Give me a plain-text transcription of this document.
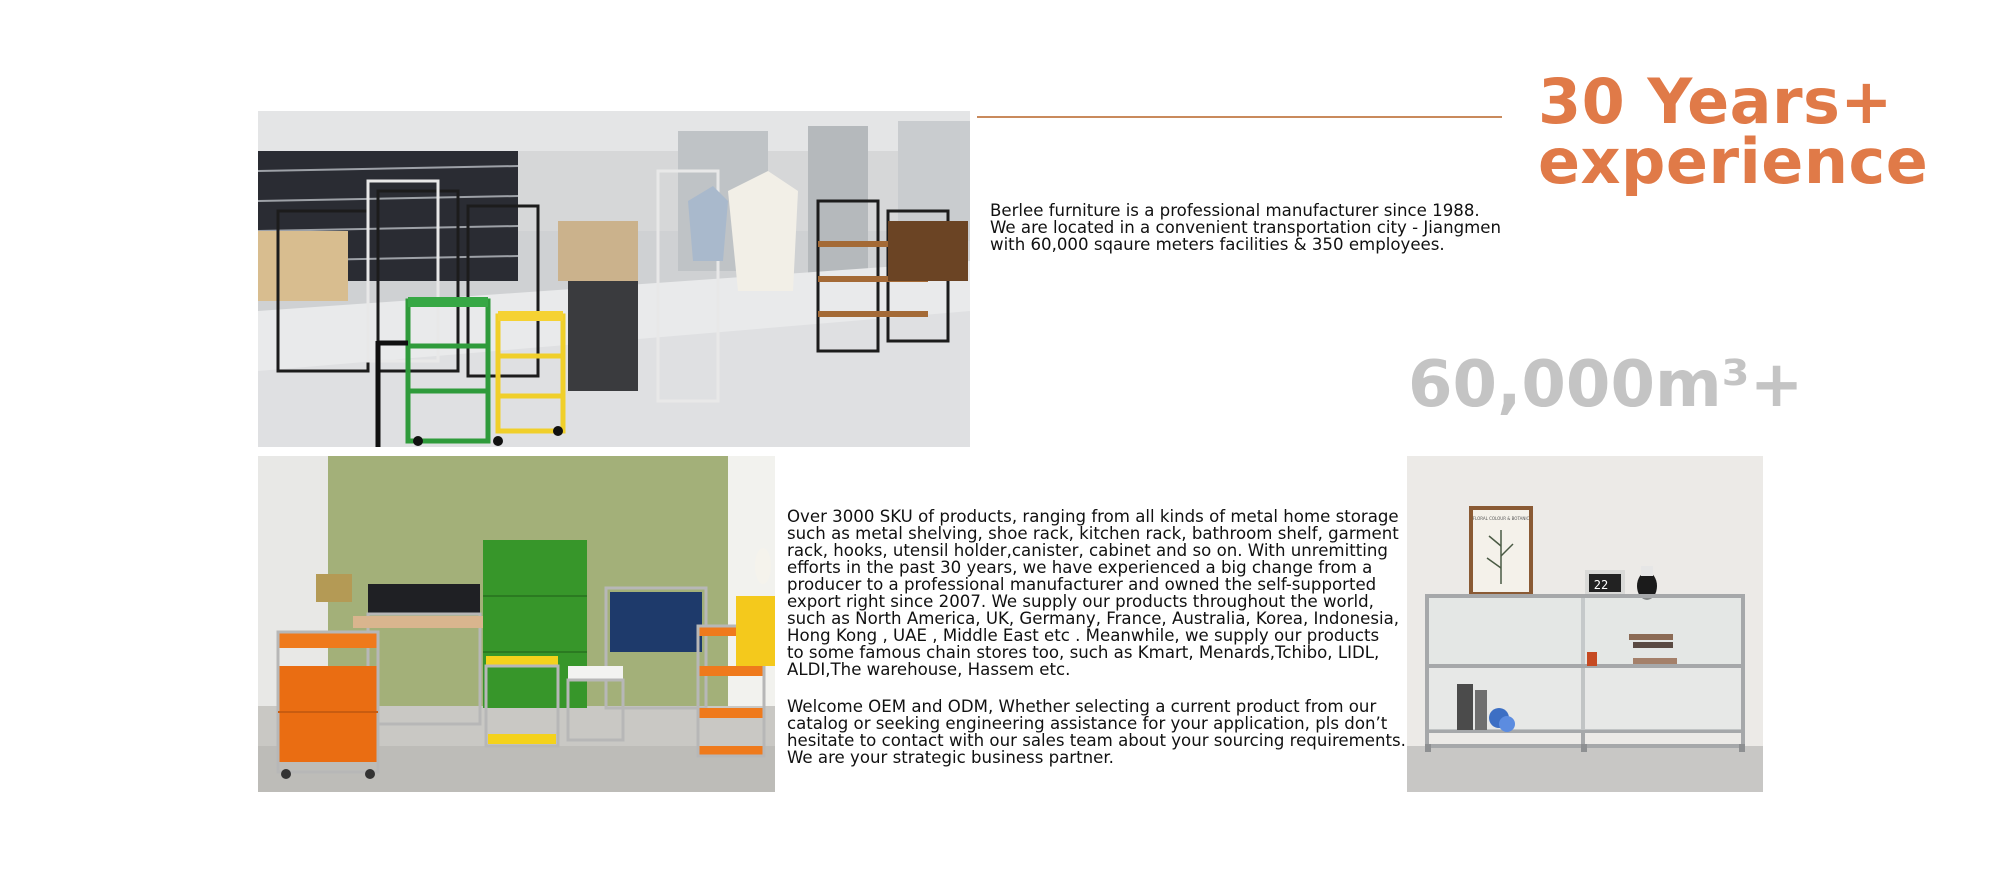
30 Years+
experience

Berlee furniture is a professional manufacturer since 1988.

We are located in a convenient transportation city - Jiangmen

with 60,000 sqaure meters facilities & 350 employees.

60,000m³+

Over 3000 SKU of products, ranging from all kinds of metal home storage

such as metal shelving, shoe rack, kitchen rack, bathroom shelf, garment

rack, hooks, utensil holder,canister, cabinet and so on. With unremitting

efforts in the past 30 years, we have experienced a big change from a

producer to a professional manufacturer and owned the self-supported

export right since 2007. We supply our products throughout the world,

such as North America, UK, Germany, France, Australia, Korea, Indonesia,

Hong Kong , UAE , Middle East etc . Meanwhile, we supply our products

to some famous chain stores too, such as Kmart, Menards,Tchibo, LIDL,

ALDI,The warehouse, Hassem etc.

Welcome OEM and ODM, Whether selecting a current product from our

catalog or seeking engineering assistance for your application, pls don’t

hesitate to contact with our sales team about your sourcing requirements.

We are your strategic business partner.

FLORAL COLOUR & BOTANIC
22
